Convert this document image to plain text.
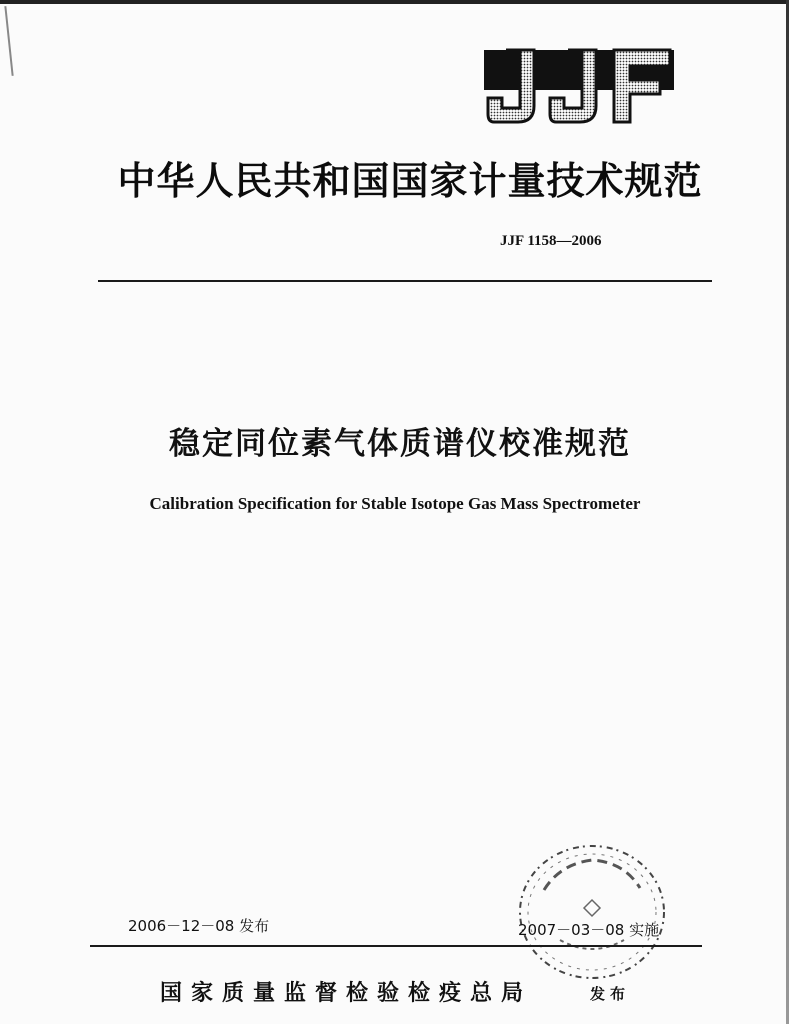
中华人民共和国国家计量技术规范
JJF 1158—2006
稳定同位素气体质谱仪校准规范
Calibration Specification for Stable Isotope Gas Mass Spectrometer
2006－12－08 发布	2007－03－08 实施
国家质量监督检验检疫总局	发布
